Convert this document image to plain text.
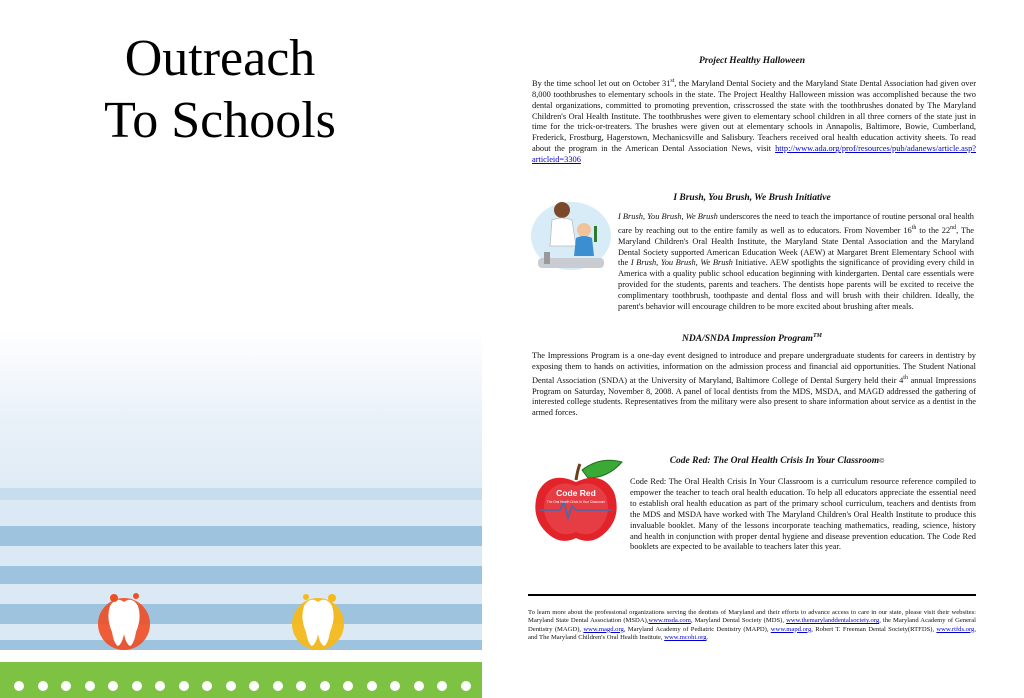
Outreach
To Schools

Project Healthy Halloween

By the time school let out on October 31st, the Maryland Dental Society and the Maryland State Dental Association had given over 8,000 toothbrushes to elementary schools in the state. The Project Healthy Halloween mission was accomplished because the two dental organizations, committed to promoting prevention, crisscrossed the state with the toothbrushes donated by The Maryland Children's Oral Health Institute. The toothbrushes were given to elementary school children in all three corners of the state just in time for the trick-or-treaters. The brushes were given out at elementary schools in Annapolis, Baltimore, Bowie, Cumberland, Frederick, Frostburg, Hagerstown, Mechanicsville and Salisbury. Teachers received oral health education activity sheets. To read about the program in the American Dental Association News, visit http://www.ada.org/prof/resources/pub/adanews/article.asp?articleid=3306

I Brush, You Brush, We Brush Initiative

I Brush, You Brush, We Brush underscores the need to teach the importance of routine personal oral health care by reaching out to the entire family as well as to educators. From November 16th to the 22nd, The Maryland Children's Oral Health Institute, the Maryland State Dental Association and the Maryland Dental Society supported American Education Week (AEW) at Margaret Brent Elementary School with the I Brush, You Brush, We Brush Initiative. AEW spotlights the significance of providing every child in America with a quality public school education beginning with kindergarten. Dental care essentials were provided for the students, parents and teachers. The dentists hope parents will be excited to receive the complimentary toothbrush, toothpaste and dental floss and will brush with their children. Ideally, the parent's behavior will encourage children to be more excited about brushing after meals.

NDA/SNDA Impression Program™

The Impressions Program is a one-day event designed to introduce and prepare undergraduate students for careers in dentistry by exposing them to hands on activities, information on the admission process and financial aid opportunities. The Student National Dental Association (SNDA) at the University of Maryland, Baltimore College of Dental Surgery held their 4th annual Impressions Program on Saturday, November 8, 2008. A panel of local dentists from the MDS, MSDA, and MAGD addressed the gathering of interested college students. Representatives from the military were also present to share information about service as a dentist in the armed forces.

Code Red: The Oral Health Crisis In Your Classroom©

Code Red
The Oral Health Crisis In Your Classroom

Code Red: The Oral Health Crisis In Your Classroom is a curriculum resource reference compiled to empower the teacher to teach oral health education. To help all educators appreciate the essential need to establish oral health education as part of the primary school curriculum, teachers and dentists from the MDS and MSDA have worked with The Maryland Children's Oral Health Institute to produce this invaluable booklet. Many of the lessons incorporate teaching mathematics, reading, science, history and health in conjunction with proper dental hygiene and disease prevention education. The Code Red booklets are expected to be available to teachers later this year.

To learn more about the professional organizations serving the dentists of Maryland and their efforts to advance access to care in our state, please visit their websites: Maryland State Dental Association (MSDA),www.msda.com, Maryland Dental Society (MDS), www.themarylanddentalsociety.org, the Maryland Academy of General Dentistry (MAGD), www.magd.org, Maryland Academy of Pediatric Dentistry (MAPD), www.mapd.org, Robert T. Freeman Dental Society(RTFDS), www.rtfds.org, and The Maryland Children's Oral Health Institute, www.mcohi.org.
